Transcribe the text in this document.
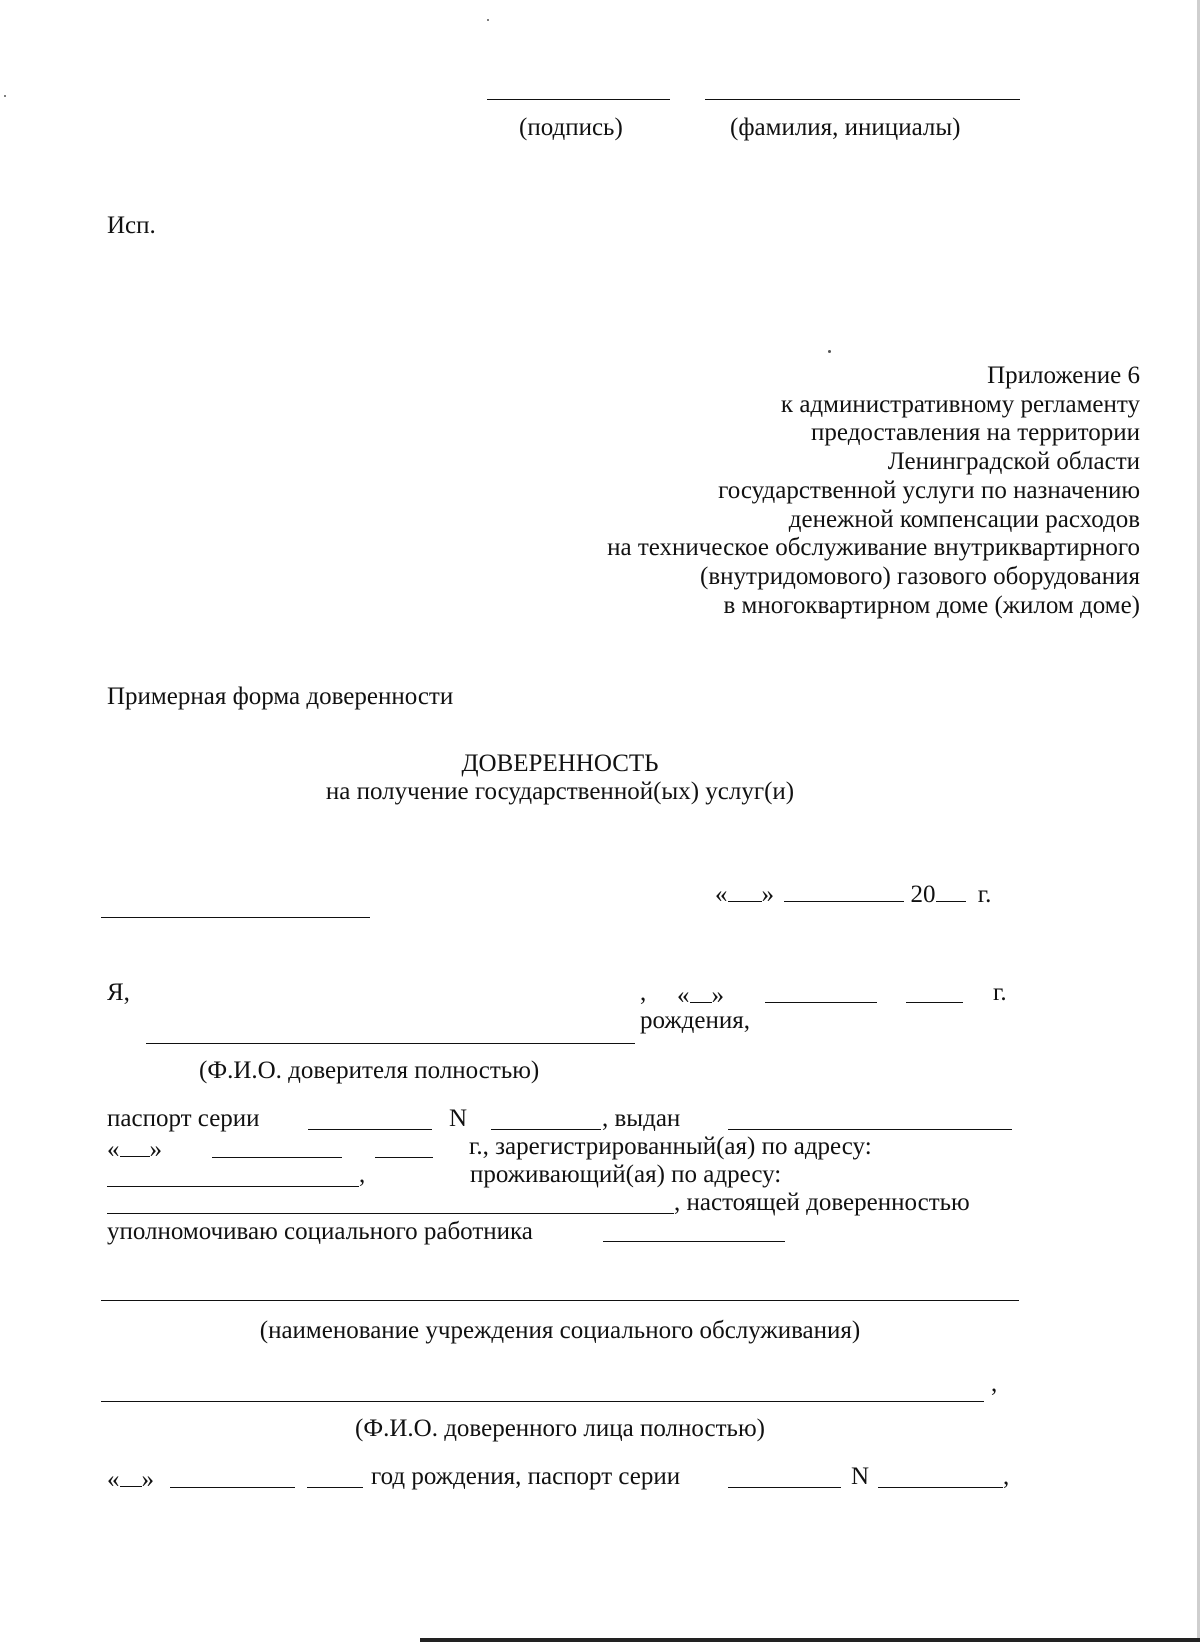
(подпись)	(фамилия, инициалы)
Исп.
Приложение 6
к административному регламенту
предоставления на территории
Ленинградской области
государственной услуги по назначению
денежной компенсации расходов
на техническое обслуживание внутриквартирного
(внутридомового) газового оборудования
в многоквартирном доме (жилом доме)
Примерная форма доверенности
ДОВЕРЕННОСТЬ
на получение государственной(ых) услуг(и)
« »	20 г.
Я,	, « »	г.
рождения,
(Ф.И.О. доверителя полностью)
паспорт серии	N	, выдан
« »	г., зарегистрированный(ая) по адресу:
,	проживающий(ая) по адресу:
, настоящей доверенностью
уполномочиваю социального работника
(наименование учреждения социального обслуживания)
,
(Ф.И.О. доверенного лица полностью)
« »	год рождения, паспорт серии	N	,
